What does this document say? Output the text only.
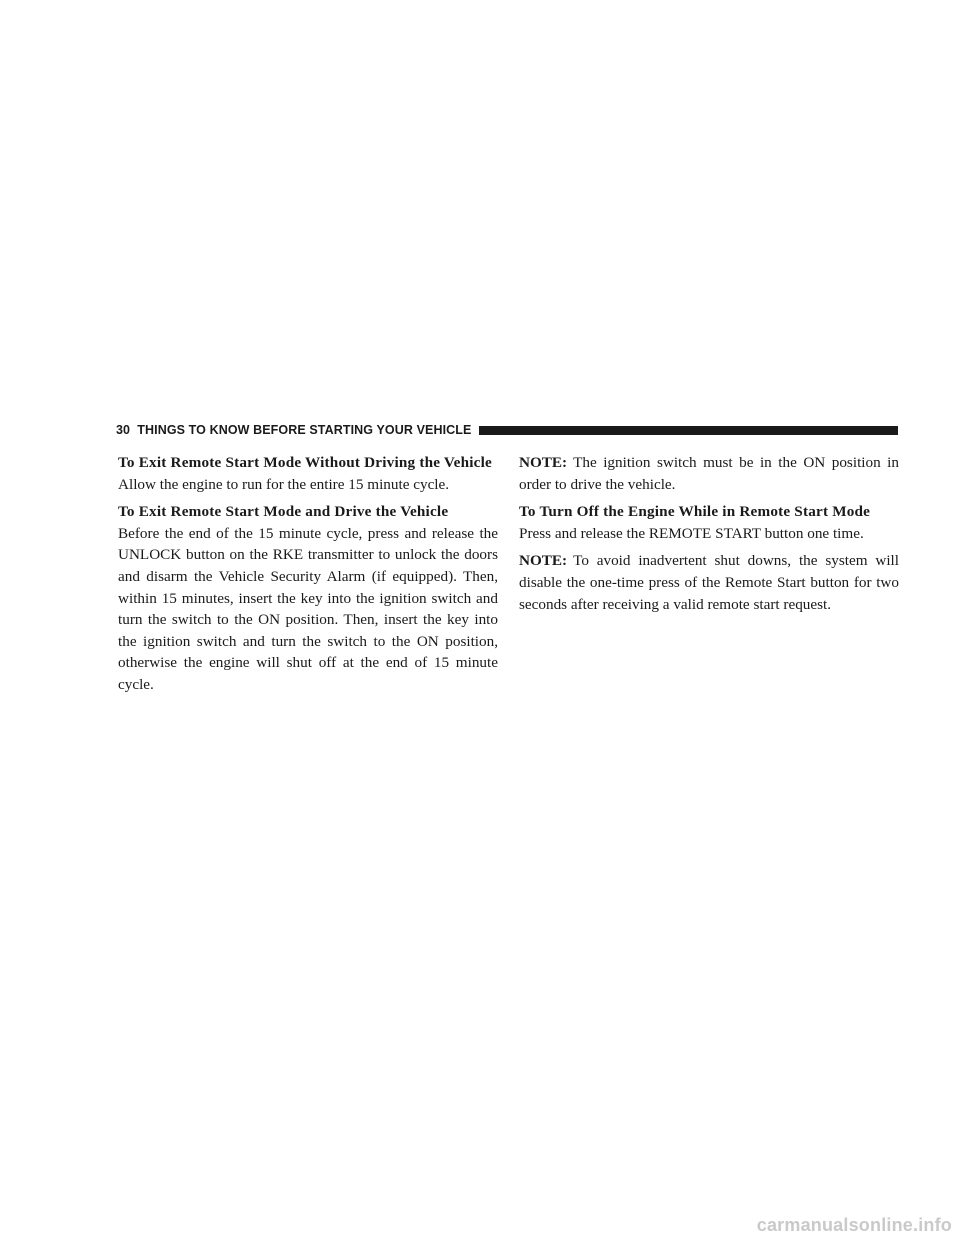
30 THINGS TO KNOW BEFORE STARTING YOUR VEHICLE

To Exit Remote Start Mode Without Driving the Vehicle

Allow the engine to run for the entire 15 minute cycle.

To Exit Remote Start Mode and Drive the Vehicle

Before the end of the 15 minute cycle, press and release the UNLOCK button on the RKE transmitter to unlock the doors and disarm the Vehicle Security Alarm (if equipped). Then, within 15 minutes, insert the key into the ignition switch and turn the switch to the ON position. Then, insert the key into the ignition switch and turn the switch to the ON position, otherwise the engine will shut off at the end of 15 minute cycle.

NOTE: The ignition switch must be in the ON position in order to drive the vehicle.

To Turn Off the Engine While in Remote Start Mode

Press and release the REMOTE START button one time.

NOTE: To avoid inadvertent shut downs, the system will disable the one-time press of the Remote Start button for two seconds after receiving a valid remote start request.

carmanualsonline.info
